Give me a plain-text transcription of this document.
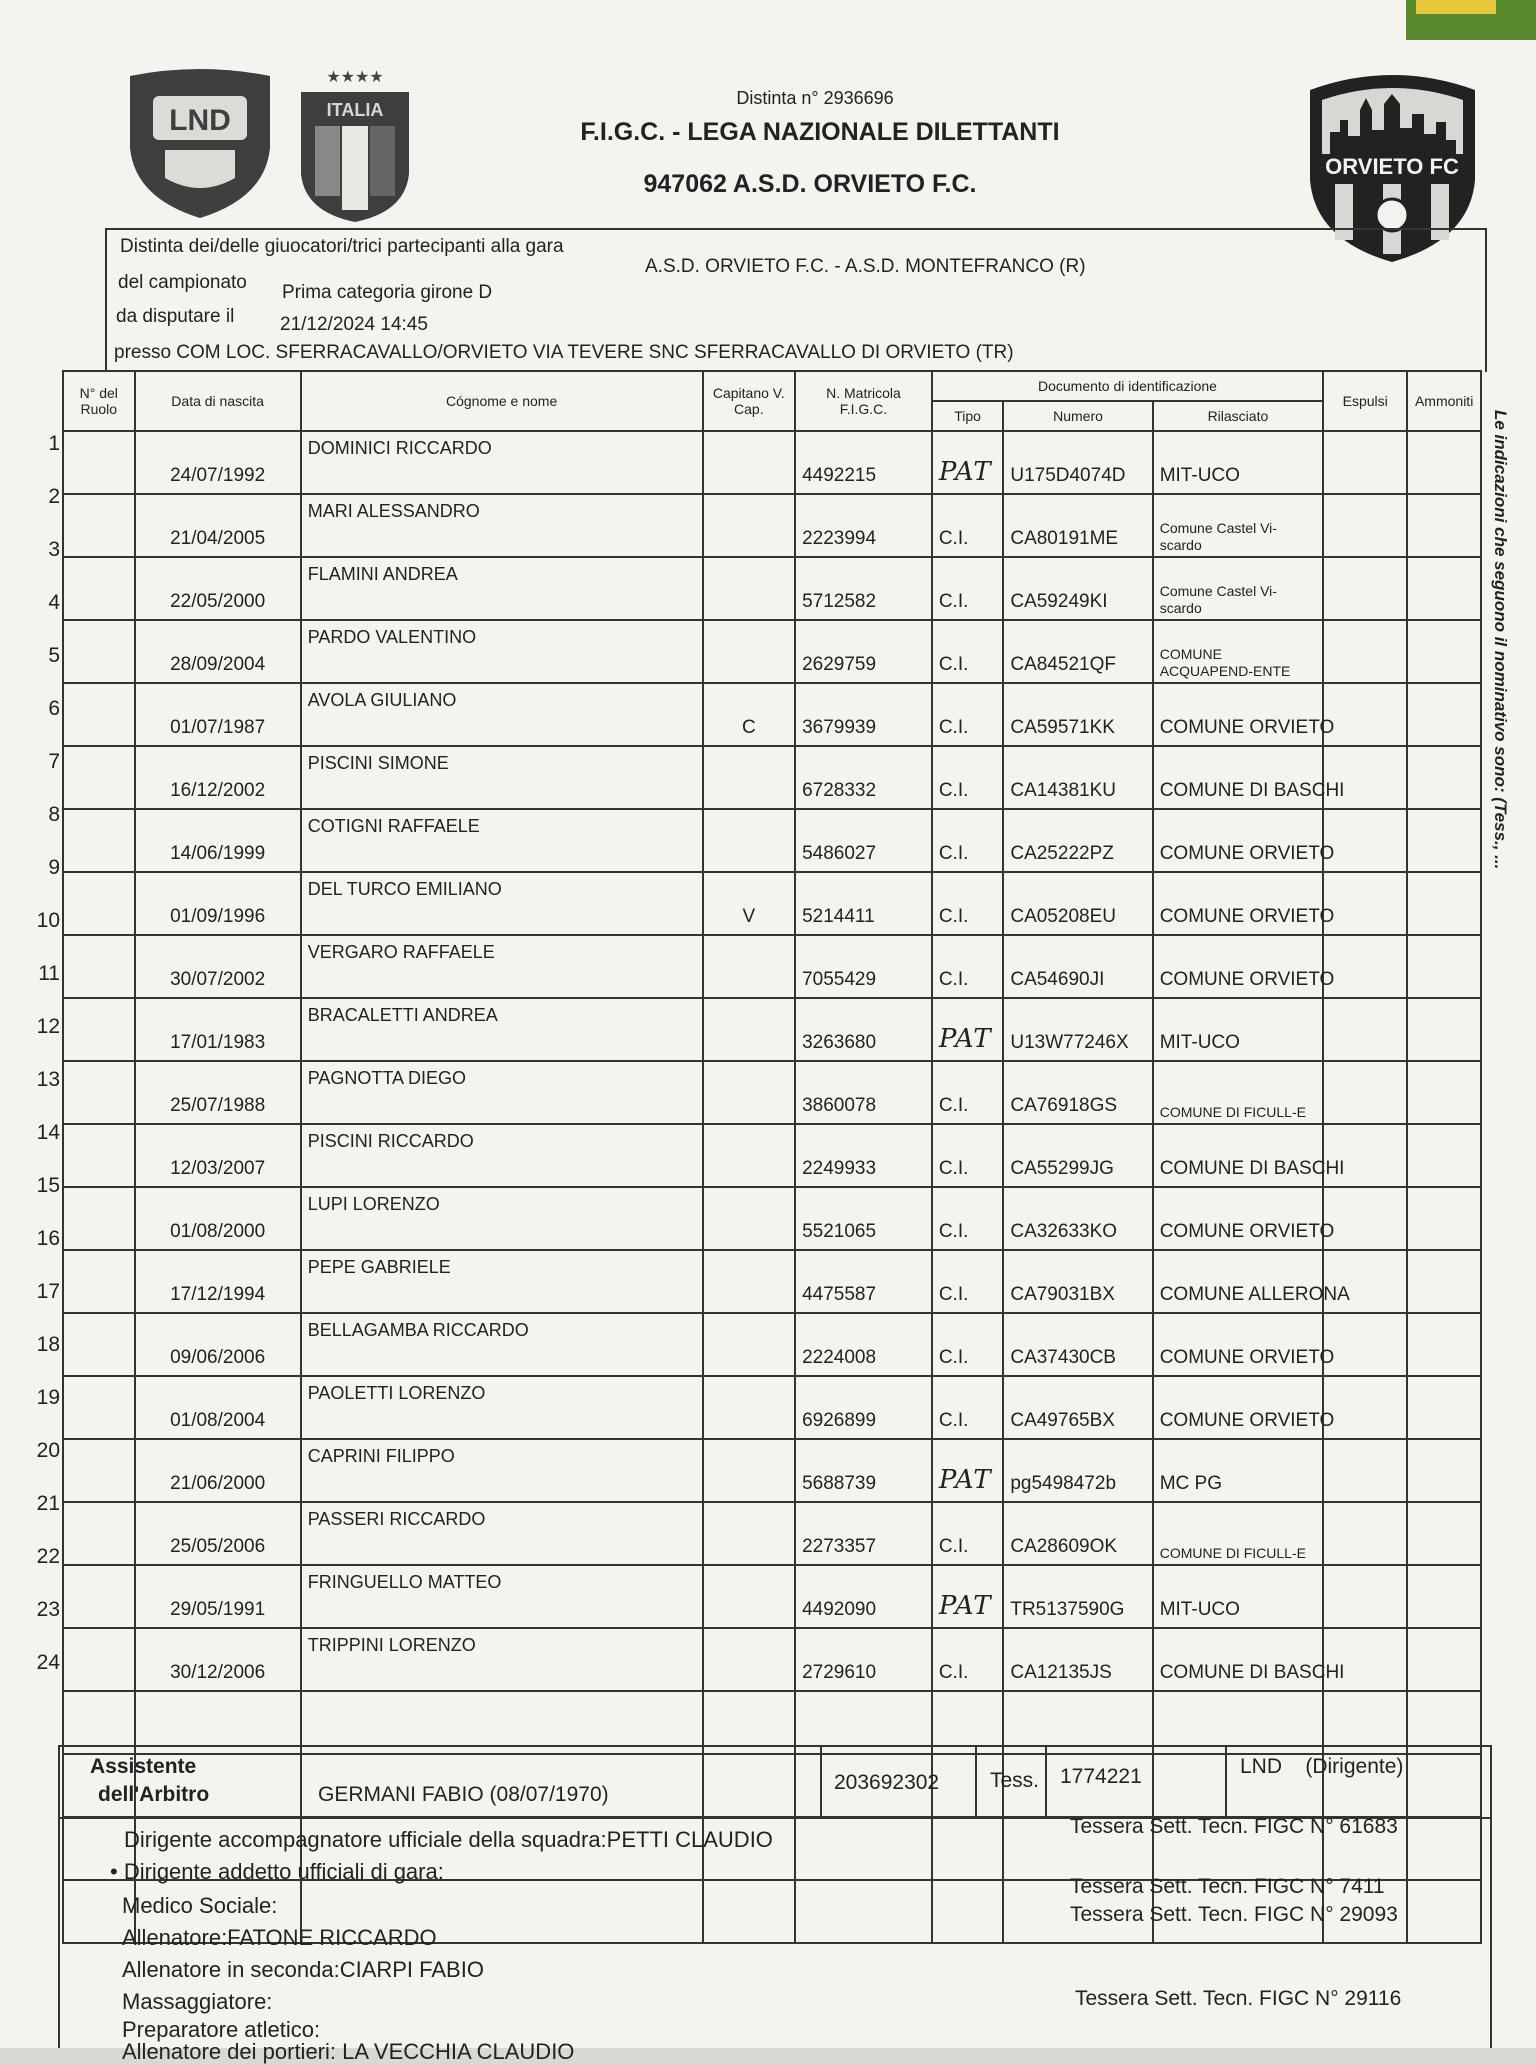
LND
★★★★
ITALIA
ORVIETO FC
Distinta n° 2936696
F.I.G.C. - LEGA NAZIONALE DILETTANTI
947062 A.S.D. ORVIETO F.C.
Distinta dei/delle giuocatori/trici partecipanti alla gara
A.S.D. ORVIETO F.C. - A.S.D. MONTEFRANCO (R)
del campionato Prima categoria girone D
da disputare il 21/12/2024 14:45
presso COM LOC. SFERRACAVALLO/ORVIETO VIA TEVERE SNC SFERRACAVALLO DI ORVIETO (TR)
N° del Ruolo	Data di nascita	Cógnome e nome	Capitano V. Cap.	N. Matricola F.I.G.C.	Documento di identificazione			Espulsi	Ammoniti
					Tipo	Numero	Rilasciato		
	24/07/1992	DOMINICI RICCARDO		4492215	PAT	U175D4074D	MIT-UCO		
	21/04/2005	MARI ALESSANDRO		2223994	C.I.	CA80191ME	Comune Castel Vi-scardo		
	22/05/2000	FLAMINI ANDREA		5712582	C.I.	CA59249KI	Comune Castel Vi-scardo		
	28/09/2004	PARDO VALENTINO		2629759	C.I.	CA84521QF	COMUNE ACQUAPEND-ENTE		
	01/07/1987	AVOLA GIULIANO	C	3679939	C.I.	CA59571KK	COMUNE ORVIETO		
	16/12/2002	PISCINI SIMONE		6728332	C.I.	CA14381KU	COMUNE DI BASCHI		
	14/06/1999	COTIGNI RAFFAELE		5486027	C.I.	CA25222PZ	COMUNE ORVIETO		
	01/09/1996	DEL TURCO EMILIANO	V	5214411	C.I.	CA05208EU	COMUNE ORVIETO		
	30/07/2002	VERGARO RAFFAELE		7055429	C.I.	CA54690JI	COMUNE ORVIETO		
	17/01/1983	BRACALETTI ANDREA		3263680	PAT	U13W77246X	MIT-UCO		
	25/07/1988	PAGNOTTA DIEGO		3860078	C.I.	CA76918GS	COMUNE DI FICULL-E		
	12/03/2007	PISCINI RICCARDO		2249933	C.I.	CA55299JG	COMUNE DI BASCHI		
	01/08/2000	LUPI LORENZO		5521065	C.I.	CA32633KO	COMUNE ORVIETO		
	17/12/1994	PEPE GABRIELE		4475587	C.I.	CA79031BX	COMUNE ALLERONA		
	09/06/2006	BELLAGAMBA RICCARDO		2224008	C.I.	CA37430CB	COMUNE ORVIETO		
	01/08/2004	PAOLETTI LORENZO		6926899	C.I.	CA49765BX	COMUNE ORVIETO		
	21/06/2000	CAPRINI FILIPPO		5688739	PAT	pg5498472b	MC PG		
	25/05/2006	PASSERI RICCARDO		2273357	C.I.	CA28609OK	COMUNE DI FICULL-E		
	29/05/1991	FRINGUELLO MATTEO		4492090	PAT	TR5137590G	MIT-UCO		
	30/12/2006	TRIPPINI LORENZO		2729610	C.I.	CA12135JS	COMUNE DI BASCHI		

1
2
3
4
5
6
7
8
9
10
11
12
13
14
15
16
17
18
19
20
21
22
23
24
Le indicazioni che seguono il nominativo sono: (Tess., ...
Assistente
dell'Arbitro	GERMANI FABIO (08/07/1970)
203692302 Tess. 1774221	LND    (Dirigente)
Dirigente accompagnatore ufficiale della squadra:PETTI CLAUDIO
Tessera Sett. Tecn. FIGC N° 61683
• Dirigente addetto ufficiali di gara:
Medico Sociale:
Tessera Sett. Tecn. FIGC N° 7411
Tessera Sett. Tecn. FIGC N° 29093
Allenatore:FATONE RICCARDO
Allenatore in seconda:CIARPI FABIO
Massaggiatore:	Tessera Sett. Tecn. FIGC N° 29116
Preparatore atletico:
Allenatore dei portieri: LA VECCHIA CLAUDIO
